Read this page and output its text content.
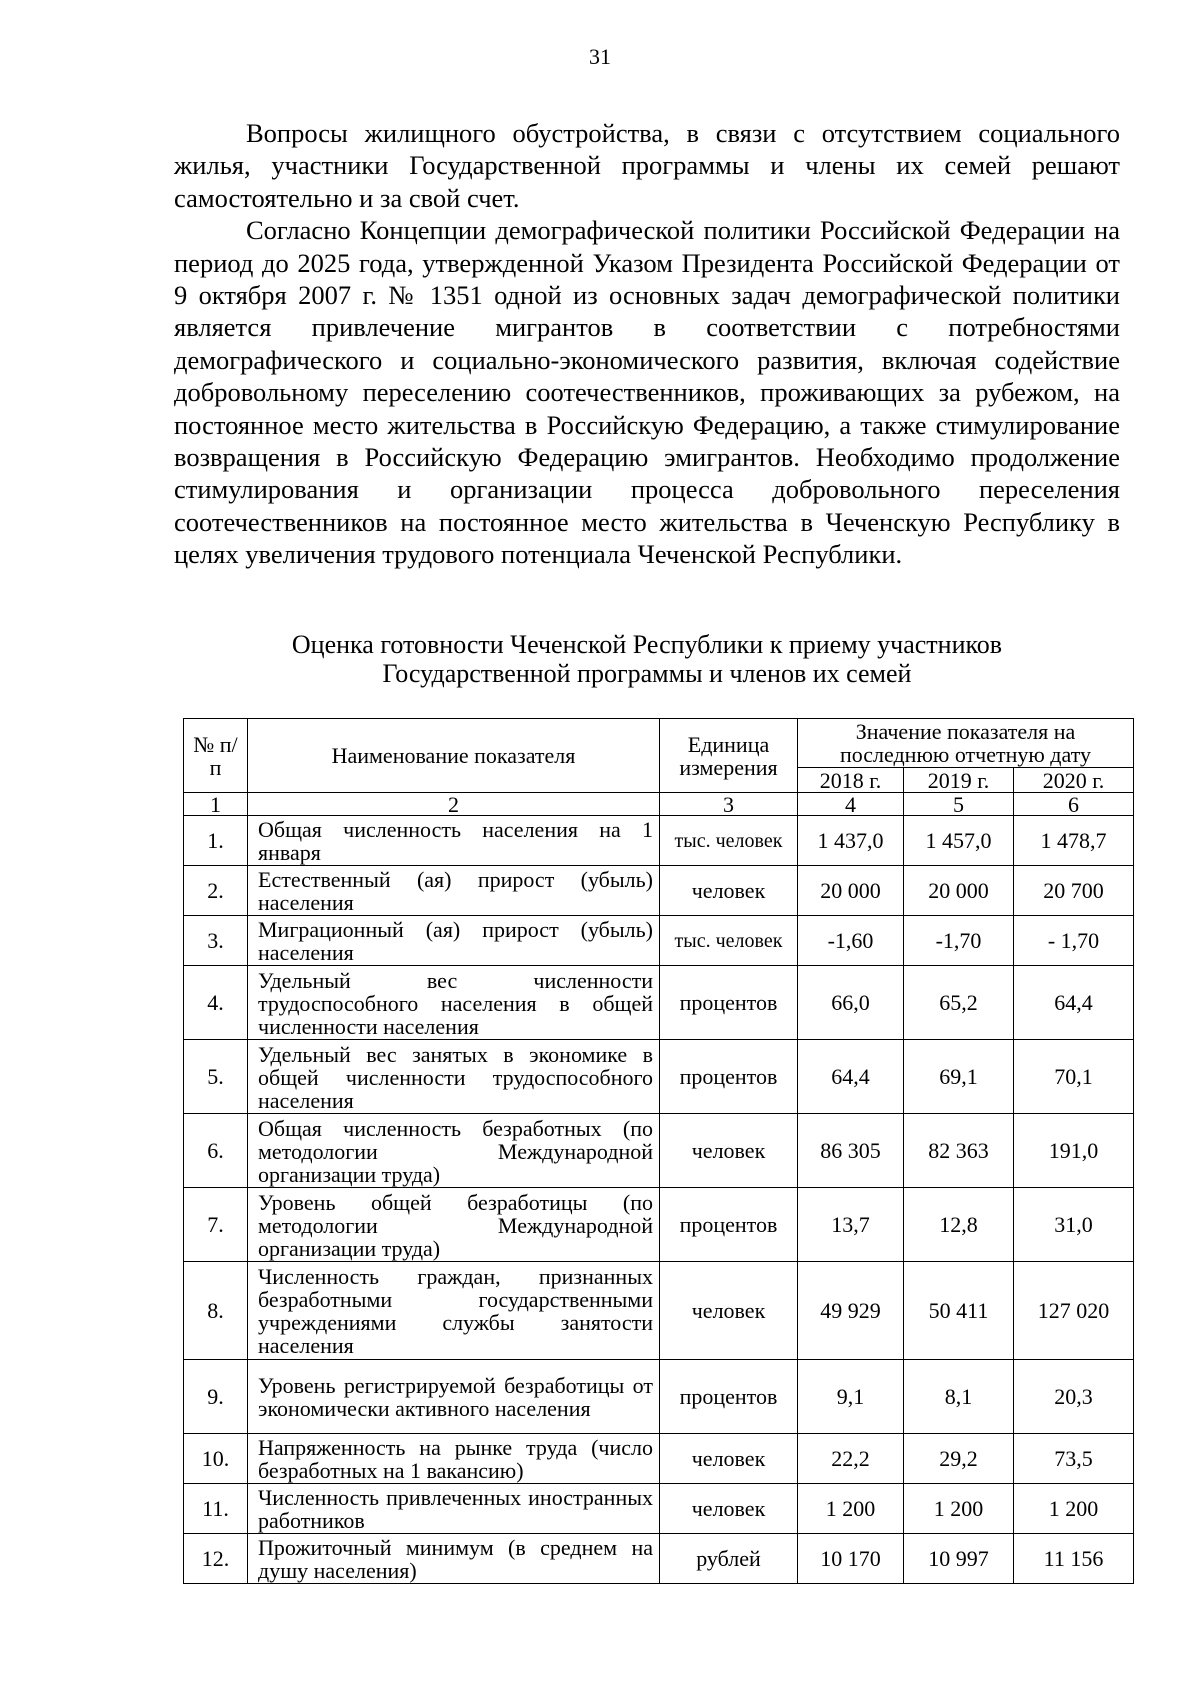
31

Вопросы жилищного обустройства, в связи с отсутствием социального жилья, участники Государственной программы и члены их семей решают самостоятельно и за свой счет.

Согласно Концепции демографической политики Российской Федерации на период до 2025 года, утвержденной Указом Президента Российской Федерации от 9 октября 2007 г. № 1351 одной из основных задач демографической политики является привлечение мигрантов в соответствии с потребностями демографического и социально-экономического развития, включая содействие добровольному переселению соотечественников, проживающих за рубежом, на постоянное место жительства в Российскую Федерацию, а также стимулирование возвращения в Российскую Федерацию эмигрантов. Необходимо продолжение стимулирования и организации процесса добровольного переселения соотечественников на постоянное место жительства в Чеченскую Республику в целях увеличения трудового потенциала Чеченской Республики.

Оценка готовности Чеченской Республики к приему участников
Государственной программы и членов их семей
№ п/п	Наименование показателя	Единица измерения	Значение показателя на последнюю отчетную дату		
			2018 г.	2019 г.	2020 г.
1	2	3	4	5	6
1.	Общая численность населения на 1 января	тыс. человек	1 437,0	1 457,0	1 478,7
2.	Естественный (ая) прирост (убыль) населения	человек	20 000	20 000	20 700
3.	Миграционный (ая) прирост (убыль) населения	тыс. человек	-1,60	-1,70	- 1,70
4.	Удельный вес численности трудоспособного населения в общей численности населения	процентов	66,0	65,2	64,4
5.	Удельный вес занятых в экономике в общей численности трудоспособного населения	процентов	64,4	69,1	70,1
6.	Общая численность безработных (по методологии Международной организации труда)	человек	86 305	82 363	191,0
7.	Уровень общей безработицы (по методологии Международной организации труда)	процентов	13,7	12,8	31,0
8.	Численность граждан, признанных безработными государственными учреждениями службы занятости населения	человек	49 929	50 411	127 020
9.	Уровень регистрируемой безработицы от экономически активного населения	процентов	9,1	8,1	20,3
10.	Напряженность на рынке труда (число безработных на 1 вакансию)	человек	22,2	29,2	73,5
11.	Численность привлеченных иностранных работников	человек	1 200	1 200	1 200
12.	Прожиточный минимум (в среднем на душу населения)	рублей	10 170	10 997	11 156
